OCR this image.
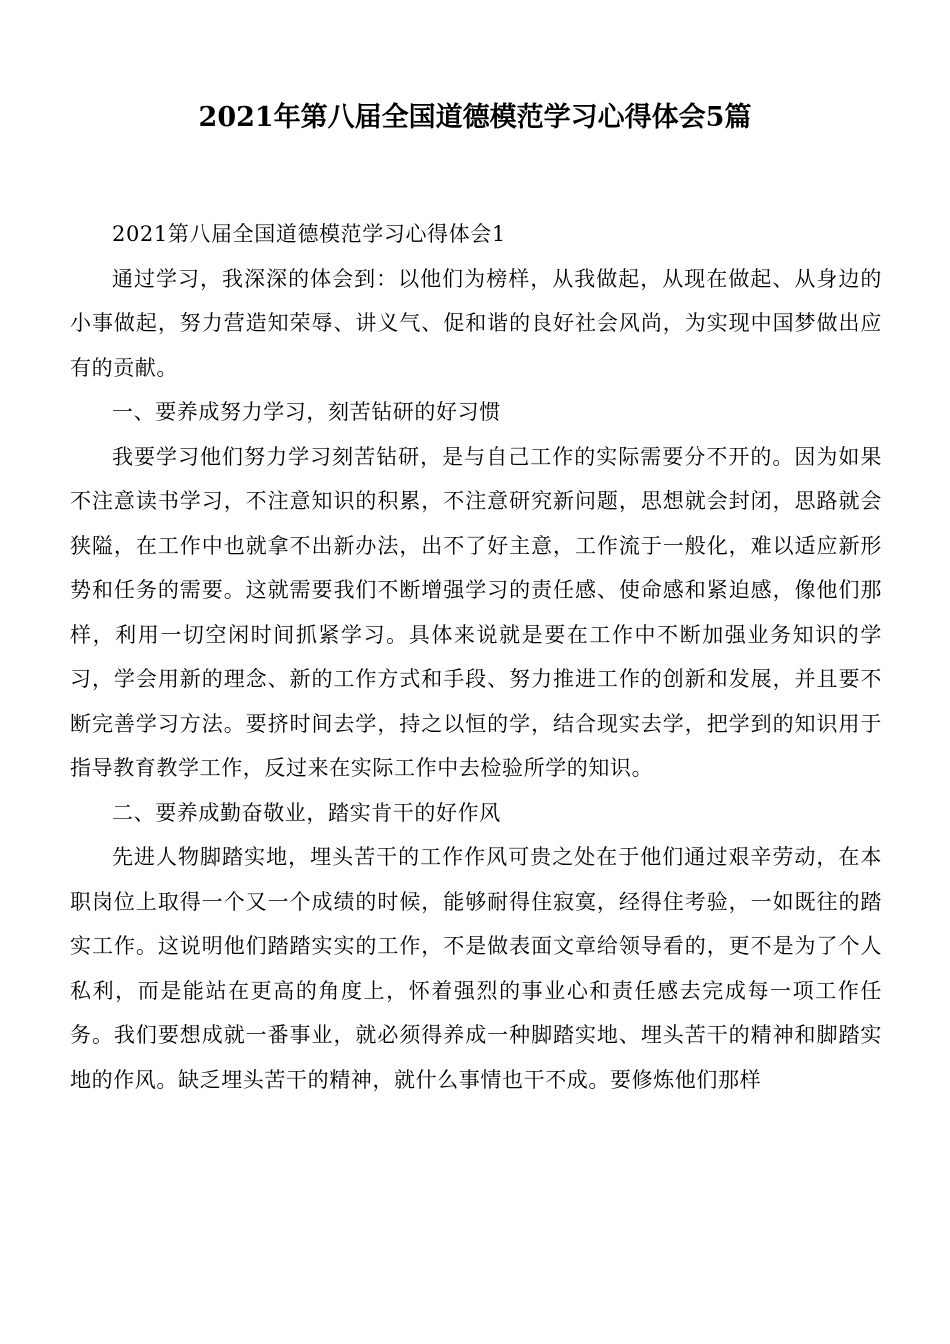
2021年第八届全国道德模范学习心得体会5篇

2021第八届全国道德模范学习心得体会1

通过学习，我深深的体会到：以他们为榜样，从我做起，从现在做起、从身边的小事做起，努力营造知荣辱、讲义气、促和谐的良好社会风尚，为实现中国梦做出应有的贡献。

一、要养成努力学习，刻苦钻研的好习惯

我要学习他们努力学习刻苦钻研，是与自己工作的实际需要分不开的。因为如果不注意读书学习，不注意知识的积累，不注意研究新问题，思想就会封闭，思路就会狭隘，在工作中也就拿不出新办法，出不了好主意，工作流于一般化，难以适应新形势和任务的需要。这就需要我们不断增强学习的责任感、使命感和紧迫感，像他们那样，利用一切空闲时间抓紧学习。具体来说就是要在工作中不断加强业务知识的学习，学会用新的理念、新的工作方式和手段、努力推进工作的创新和发展，并且要不断完善学习方法。要挤时间去学，持之以恒的学，结合现实去学，把学到的知识用于指导教育教学工作，反过来在实际工作中去检验所学的知识。

二、要养成勤奋敬业，踏实肯干的好作风

先进人物脚踏实地，埋头苦干的工作作风可贵之处在于他们通过艰辛劳动，在本职岗位上取得一个又一个成绩的时候，能够耐得住寂寞，经得住考验，一如既往的踏实工作。这说明他们踏踏实实的工作，不是做表面文章给领导看的，更不是为了个人私利，而是能站在更高的角度上，怀着强烈的事业心和责任感去完成每一项工作任务。我们要想成就一番事业，就必须得养成一种脚踏实地、埋头苦干的精神和脚踏实地的作风。缺乏埋头苦干的精神，就什么事情也干不成。要修炼他们那样
